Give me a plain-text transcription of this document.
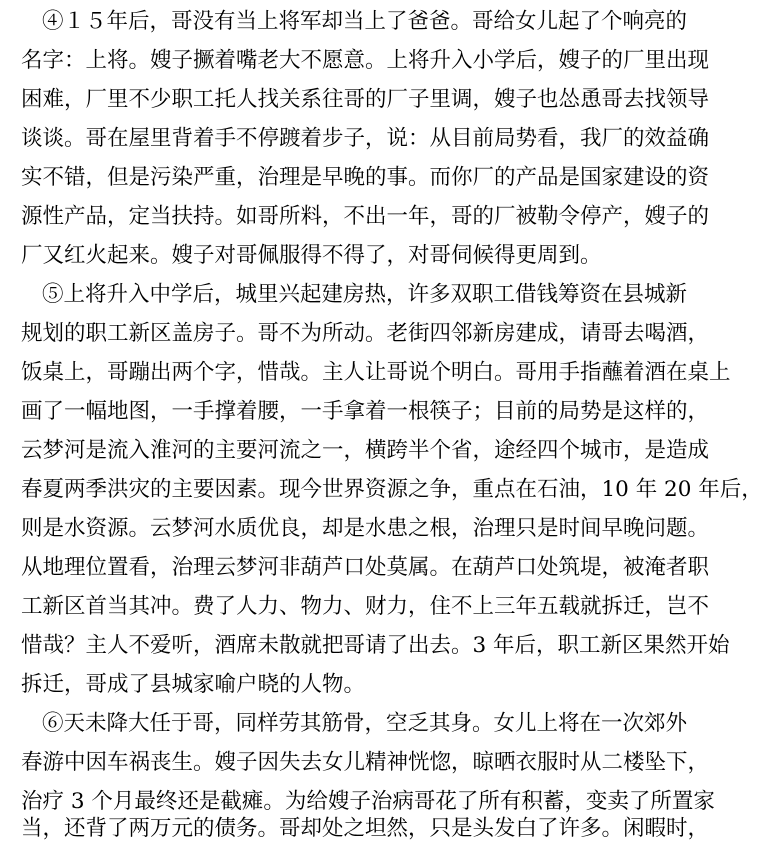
④１５年后，哥没有当上将军却当上了爸爸。哥给女儿起了个响亮的
名字：上将。嫂子撅着嘴老大不愿意。上将升入小学后，嫂子的厂里出现
困难，厂里不少职工托人找关系往哥的厂子里调，嫂子也怂恿哥去找领导
谈谈。哥在屋里背着手不停踱着步子，说：从目前局势看，我厂的效益确
实不错，但是污染严重，治理是早晚的事。而你厂的产品是国家建设的资
源性产品，定当扶持。如哥所料，不出一年，哥的厂被勒令停产，嫂子的
厂又红火起来。嫂子对哥佩服得不得了，对哥伺候得更周到。
⑤上将升入中学后，城里兴起建房热，许多双职工借钱筹资在县城新
规划的职工新区盖房子。哥不为所动。老街四邻新房建成，请哥去喝酒，
饭桌上，哥蹦出两个字，惜哉。主人让哥说个明白。哥用手指蘸着酒在桌上
画了一幅地图，一手撑着腰，一手拿着一根筷子；目前的局势是这样的，
云梦河是流入淮河的主要河流之一，横跨半个省，途经四个城市，是造成
春夏两季洪灾的主要因素。现今世界资源之争，重点在石油，10 年 20 年后，
则是水资源。云梦河水质优良，却是水患之根，治理只是时间早晚问题。
从地理位置看，治理云梦河非葫芦口处莫属。在葫芦口处筑堤，被淹者职
工新区首当其冲。费了人力、物力、财力，住不上三年五载就拆迁，岂不
惜哉？主人不爱听，酒席未散就把哥请了出去。3 年后，职工新区果然开始
拆迁，哥成了县城家喻户晓的人物。
⑥天未降大任于哥，同样劳其筋骨，空乏其身。女儿上将在一次郊外
春游中因车祸丧生。嫂子因失去女儿精神恍惚，晾晒衣服时从二楼坠下，
治疗 3 个月最终还是截瘫。为给嫂子治病哥花了所有积蓄，变卖了所置家
当，还背了两万元的债务。哥却处之坦然，只是头发白了许多。闲暇时，
